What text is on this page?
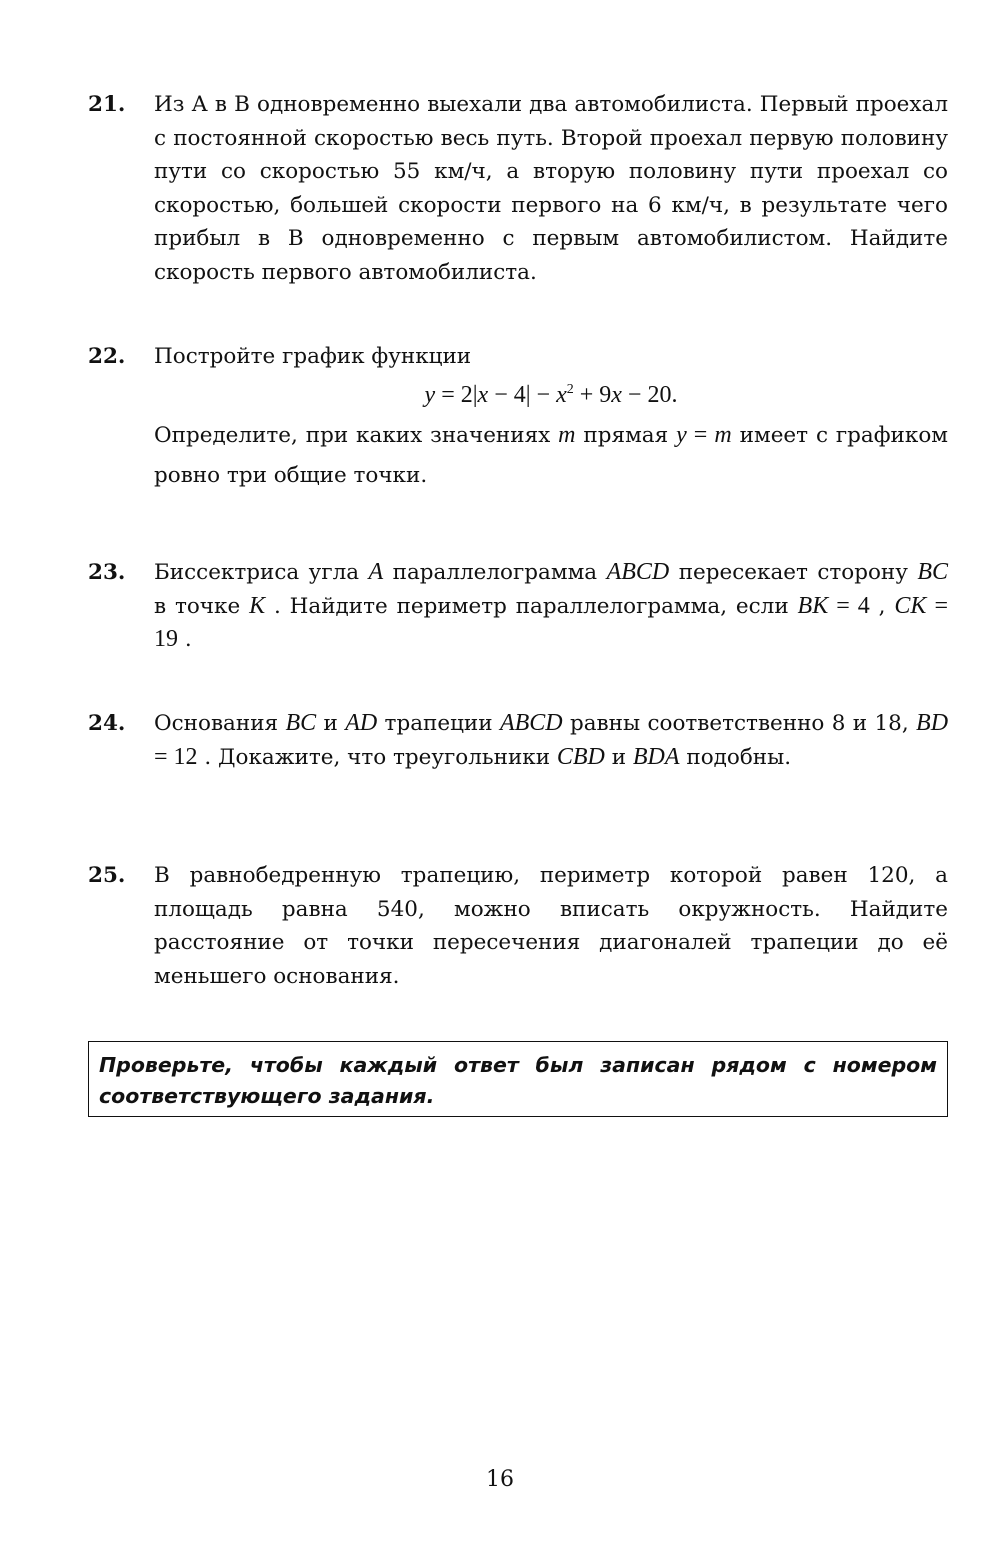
21. Из А в В одновременно выехали два автомобилиста. Первый проехал с постоянной скоростью весь путь. Второй проехал первую половину пути со скоростью 55 км/ч, а вторую половину пути проехал со скоростью, большей скорости первого на 6 км/ч, в результате чего прибыл в В одновременно с первым автомобилистом. Найдите скорость первого автомобилиста.

22. Постройте график функции

$y = 2|x - 4| - x^2 + 9x - 20$.

Определите, при каких значениях m прямая y = m имеет с графиком ровно три общие точки.

23. Биссектриса угла A параллелограмма ABCD пересекает сторону BC в точке K . Найдите периметр параллелограмма, если BK = 4 , CK = 19 .

24. Основания BC и AD трапеции ABCD равны соответственно 8 и 18, BD = 12 . Докажите, что треугольники CBD и BDA подобны.

25. В равнобедренную трапецию, периметр которой равен 120, а площадь равна 540, можно вписать окружность. Найдите расстояние от точки пересечения диагоналей трапеции до её меньшего основания.

Проверьте, чтобы каждый ответ был записан рядом с номером соответствующего задания.
16
